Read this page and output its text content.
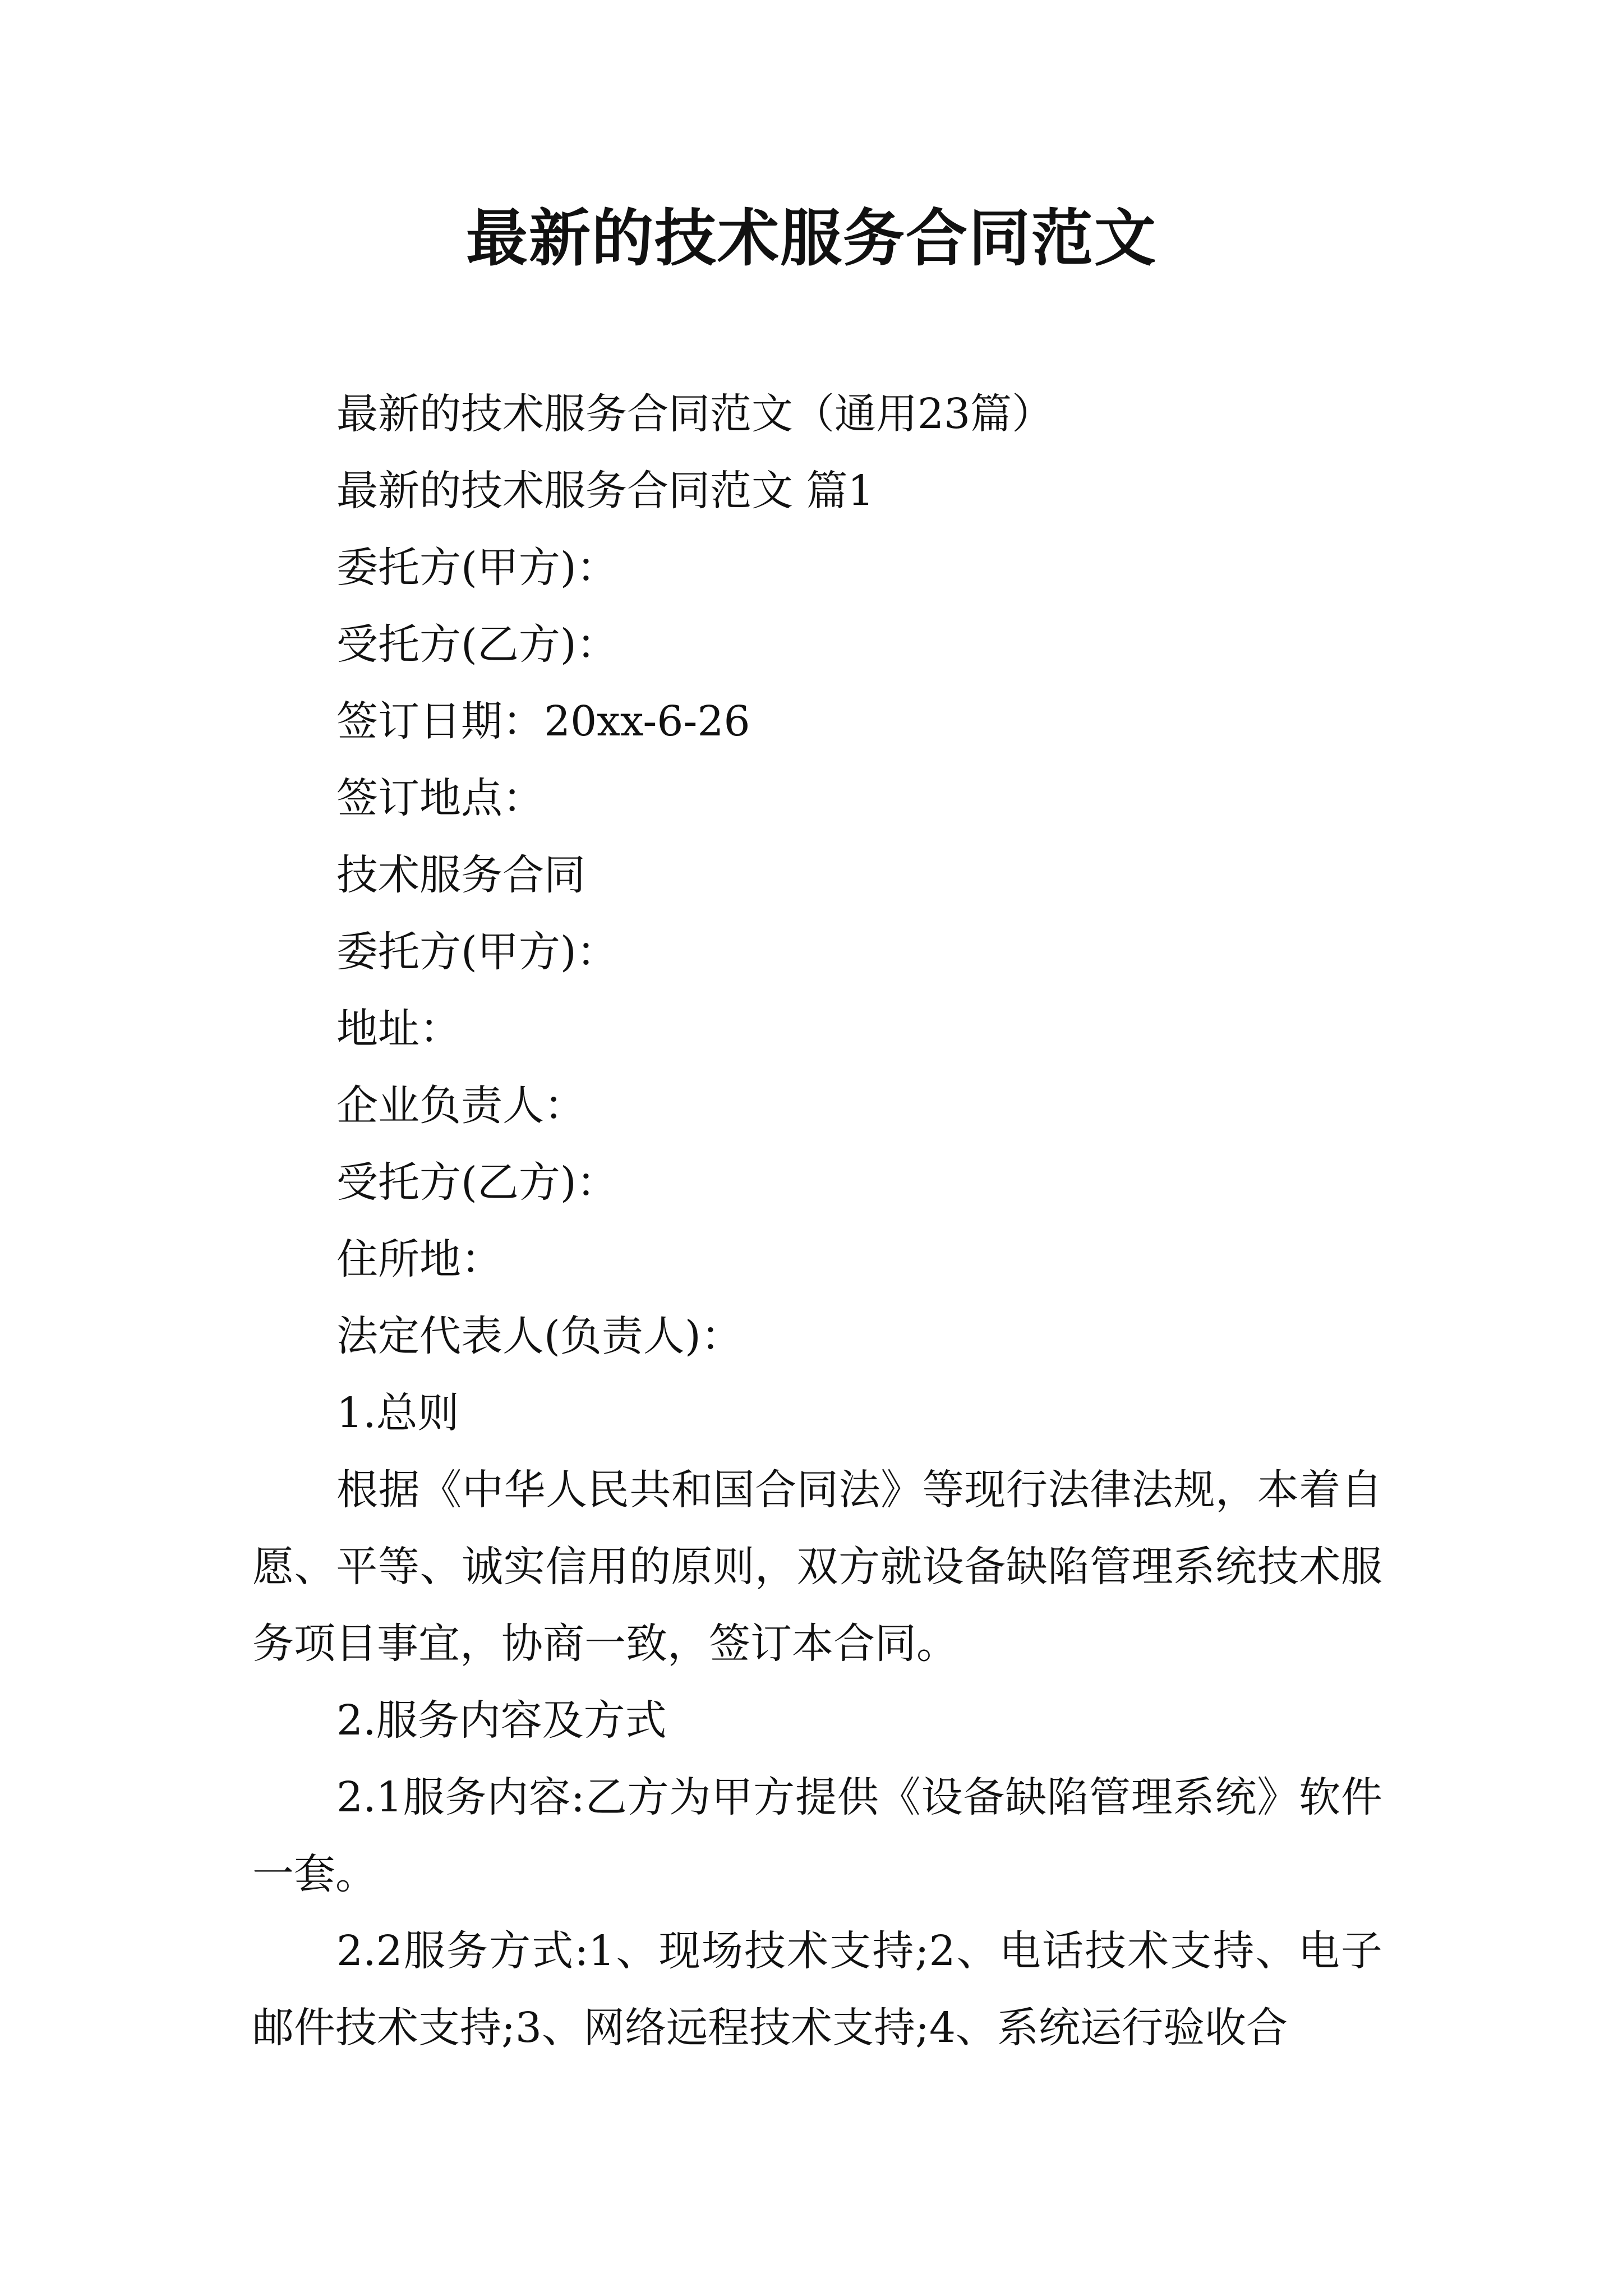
最新的技术服务合同范文

最新的技术服务合同范文（通用23篇）

最新的技术服务合同范文 篇1

委托方(甲方)：

受托方(乙方)：

签订日期：20xx-6-26

签订地点：

技术服务合同

委托方(甲方)：

地址：

企业负责人：

受托方(乙方)：

住所地：

法定代表人(负责人)：

1.总则

根据《中华人民共和国合同法》等现行法律法规，本着自愿、平等、诚实信用的原则，双方就设备缺陷管理系统技术服务项目事宜，协商一致，签订本合同。

2.服务内容及方式

2.1服务内容:乙方为甲方提供《设备缺陷管理系统》软件一套。

2.2服务方式:1、现场技术支持;2、电话技术支持、电子邮件技术支持;3、网络远程技术支持;4、系统运行验收合
